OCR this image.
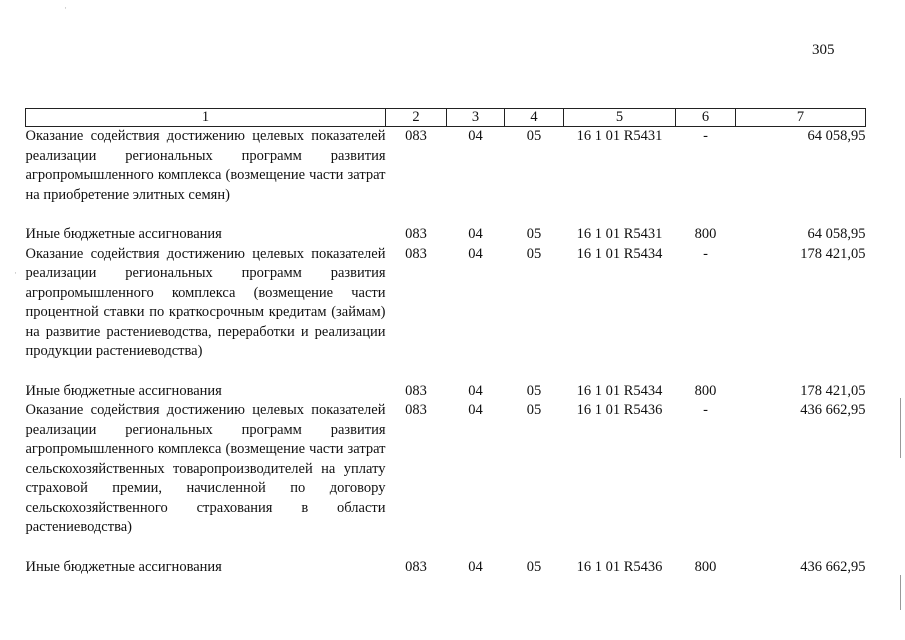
305
·
·
1	2	3	4	5	6	7
Оказание содействия достижению целевых показателей реализации региональных программ развития агропромышленного комплекса (возмещение части затрат на приобретение элитных семян)	083	04	05	16 1 01 R5431	-	64 058,95

Иные бюджетные ассигнования	083	04	05	16 1 01 R5431	800	64 058,95
Оказание содействия достижению целевых показателей реализации региональных программ развития агропромышленного комплекса (возмещение части процентной ставки по краткосрочным кредитам (займам) на развитие растениеводства, переработки и реализации продукции растениеводства)	083	04	05	16 1 01 R5434	-	178 421,05

Иные бюджетные ассигнования	083	04	05	16 1 01 R5434	800	178 421,05
Оказание содействия достижению целевых показателей реализации региональных программ развития агропромышленного комплекса (возмещение части затрат сельскохозяйственных товаропроизводителей на уплату страховой премии, начисленной по договору сельскохозяйственного страхования в области растениеводства)	083	04	05	16 1 01 R5436	-	436 662,95

Иные бюджетные ассигнования	083	04	05	16 1 01 R5436	800	436 662,95
